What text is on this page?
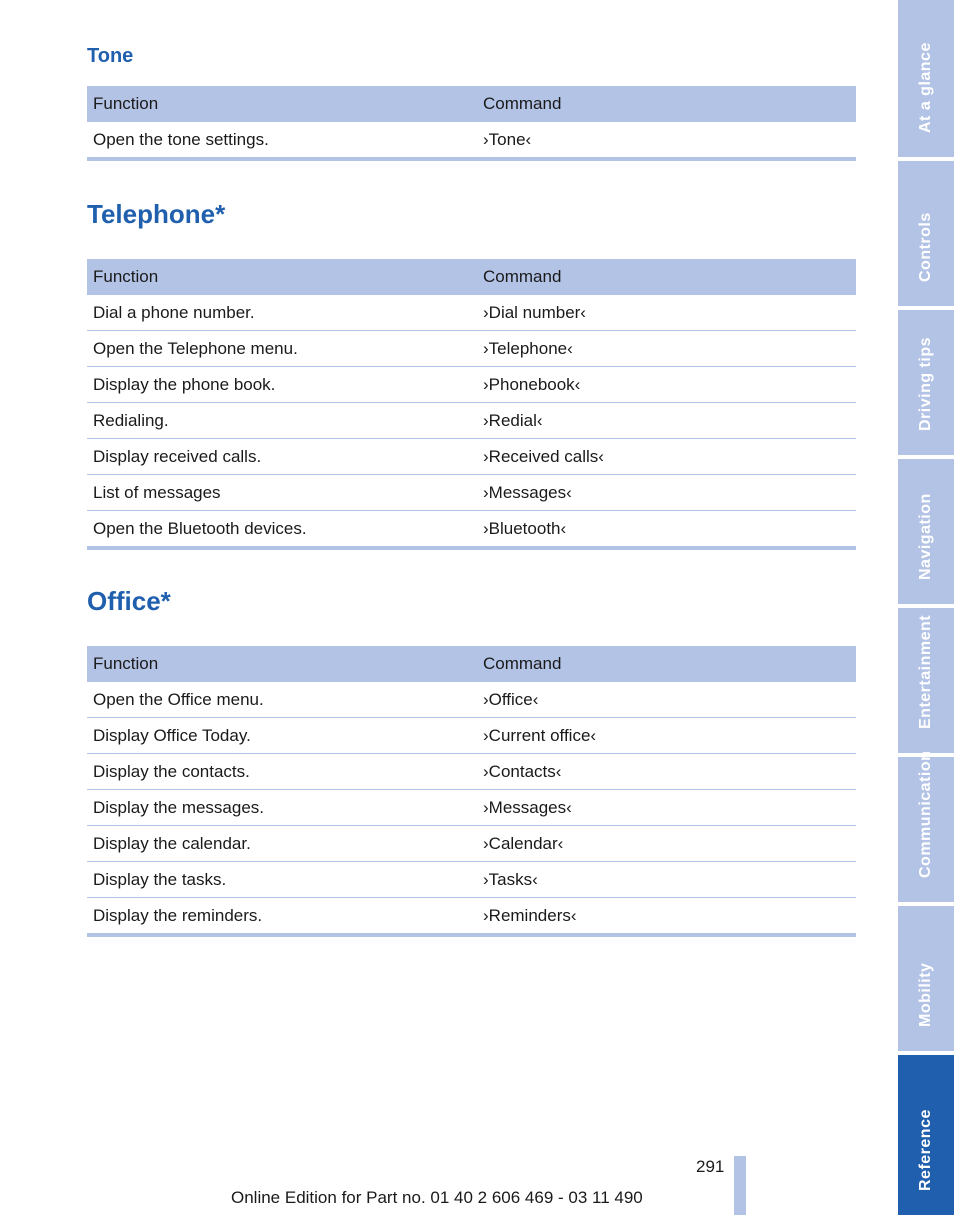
Tone
Function	Command
Open the tone settings.	›Tone‹
Telephone*
Function	Command
Dial a phone number.	›Dial number‹
Open the Telephone menu.	›Telephone‹
Display the phone book.	›Phonebook‹
Redialing.	›Redial‹
Display received calls.	›Received calls‹
List of messages	›Messages‹
Open the Bluetooth devices.	›Bluetooth‹
Office*
Function	Command
Open the Office menu.	›Office‹
Display Office Today.	›Current office‹
Display the contacts.	›Contacts‹
Display the messages.	›Messages‹
Display the calendar.	›Calendar‹
Display the tasks.	›Tasks‹
Display the reminders.	›Reminders‹
At a glance
Controls
Driving tips
Navigation
Entertainment
Communication
Mobility
Reference
291
Online Edition for Part no. 01 40 2 606 469 - 03 11 490
